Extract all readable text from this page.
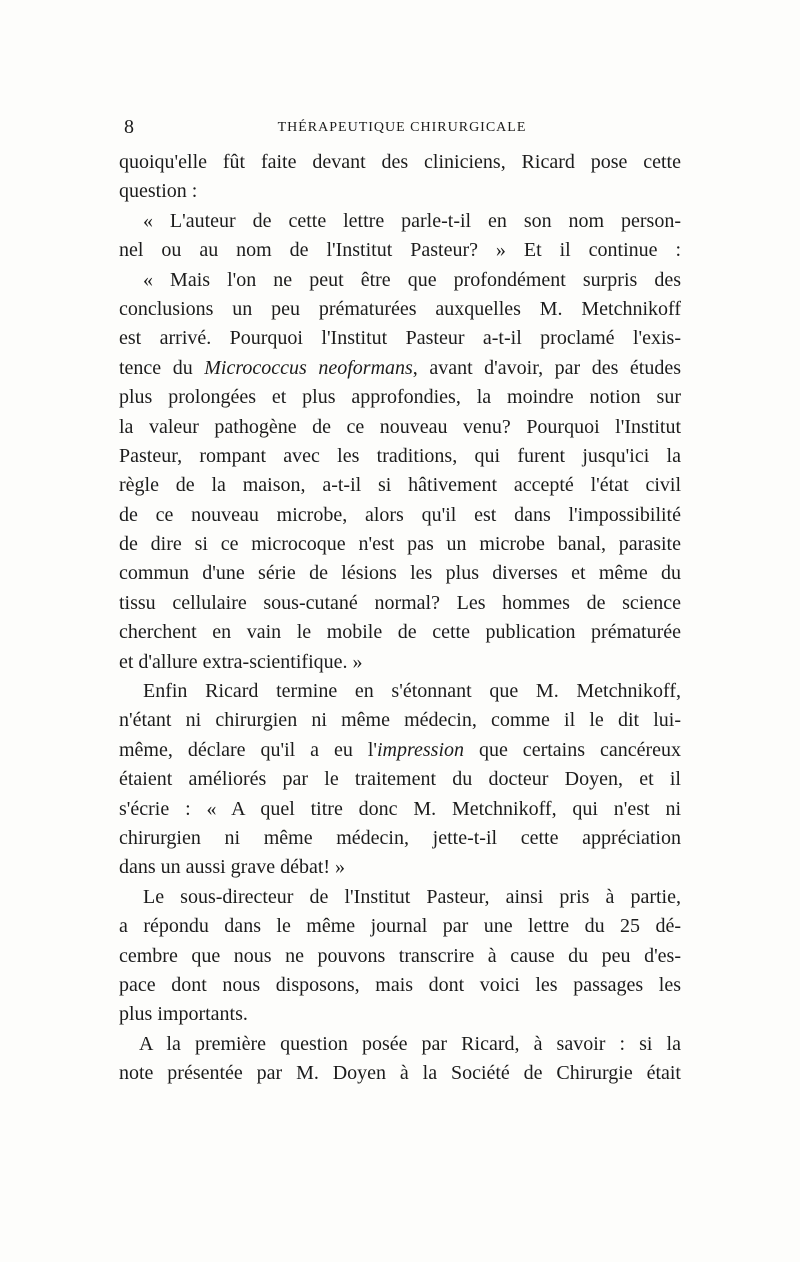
8	THÉRAPEUTIQUE CHIRURGICALE
quoiqu'elle fût faite devant des cliniciens, Ricard pose cette
question :
« L'auteur de cette lettre parle-t-il en son nom person-
nel ou au nom de l'Institut Pasteur? » Et il continue :
« Mais l'on ne peut être que profondément surpris des
conclusions un peu prématurées auxquelles M. Metchnikoff
est arrivé. Pourquoi l'Institut Pasteur a-t-il proclamé l'exis-
tence du Micrococcus neoformans, avant d'avoir, par des études
plus prolongées et plus approfondies, la moindre notion sur
la valeur pathogène de ce nouveau venu? Pourquoi l'Institut
Pasteur, rompant avec les traditions, qui furent jusqu'ici la
règle de la maison, a-t-il si hâtivement accepté l'état civil
de ce nouveau microbe, alors qu'il est dans l'impossibilité
de dire si ce microcoque n'est pas un microbe banal, parasite
commun d'une série de lésions les plus diverses et même du
tissu cellulaire sous-cutané normal? Les hommes de science
cherchent en vain le mobile de cette publication prématurée
et d'allure extra-scientifique. »
Enfin Ricard termine en s'étonnant que M. Metchnikoff,
n'étant ni chirurgien ni même médecin, comme il le dit lui-
même, déclare qu'il a eu l'impression que certains cancéreux
étaient améliorés par le traitement du docteur Doyen, et il
s'écrie : « A quel titre donc M. Metchnikoff, qui n'est ni
chirurgien ni même médecin, jette-t-il cette appréciation
dans un aussi grave débat! »
Le sous-directeur de l'Institut Pasteur, ainsi pris à partie,
a répondu dans le même journal par une lettre du 25 dé-
cembre que nous ne pouvons transcrire à cause du peu d'es-
pace dont nous disposons, mais dont voici les passages les
plus importants.
A la première question posée par Ricard, à savoir : si la
note présentée par M. Doyen à la Société de Chirurgie était
